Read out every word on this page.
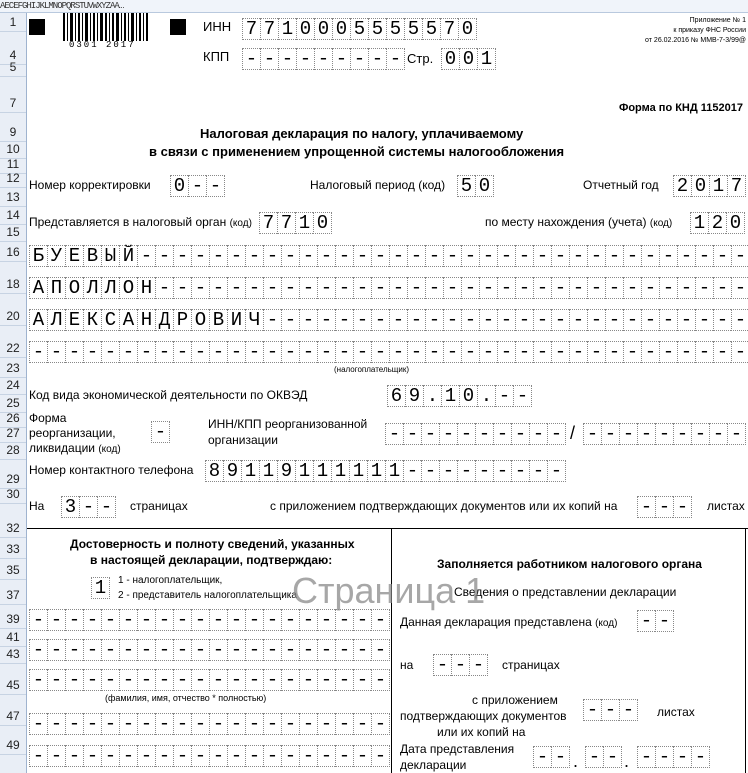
AECEFGHIJKLMNOPQRSTUVWXYZAA…
1
4
5
7
9
10
11
12
13
14
15
16
18
20
22
23
24
25
26
27
28
29
30
32
33
35
37
39
41
43
45
47
49
0301 2017
ИНН 7 7 1 0 0 0 5 5 5 5 5 7 0
КПП - - - - - - - - - Стр. 0 0 1
Приложение № 1
к приказу ФНС России
от 26.02.2016 № ММВ-7-3/99@
Форма по КНД 1152017
Налоговая декларация по налогу, уплачиваемому
в связи с применением упрощенной системы налогообложения
Номер корректировки 0 - -	Налоговый период (код) 5 0	Отчетный год 2 0 1 7
Представляется в налоговый орган (код) 7 7 1 0	по месту нахождения (учета) (код) 1 2 0
Б У Е В Ы Й - - - - - - - - - - - - - - - - - - - - - - - - - - - - - - - - - -
А П О Л Л О Н - - - - - - - - - - - - - - - - - - - - - - - - - - - - - - - - -
А Л Е К С А Н Д Р О В И Ч - - - - - - - - - - - - - - - - - - - - - - - - - - -
- - - - - - - - - - - - - - - - - - - - - - - - - - - - - - - - - - - - - - - -
(налогоплательщик)
Код вида экономической деятельности по ОКВЭД	6 9 . 1 0 . - -
Форма
реорганизации,
ликвидации (код)
-	ИНН/КПП реорганизованной
организации	- - - - - - - - - - / - - - - - - - - -
Номер контактного телефона 8 9 1 1 9 1 1 1 1 1 1 - - - - - - - - -
На 3 - -	страницах	с приложением подтверждающих документов или их копий на - - -	листах
Достоверность и полноту сведений, указанных
в настоящей декларации, подтверждаю:
1	1 - налогоплательщик,
2 - представитель налогоплательщика
- - - - - - - - - - - - - - - - - - - -
- - - - - - - - - - - - - - - - - - - -
- - - - - - - - - - - - - - - - - - - -
(фамилия, имя, отчество * полностью)
- - - - - - - - - - - - - - - - - - - -
- - - - - - - - - - - - - - - - - - - -
Заполняется работником налогового органа
Сведения о представлении декларации
Данная декларация представлена (код) - -
на - - -	страницах
с приложением
подтверждающих документов
или их копий на
- - -	листах
Дата представления
декларации	- - . - - . - - - -
Страница 1
